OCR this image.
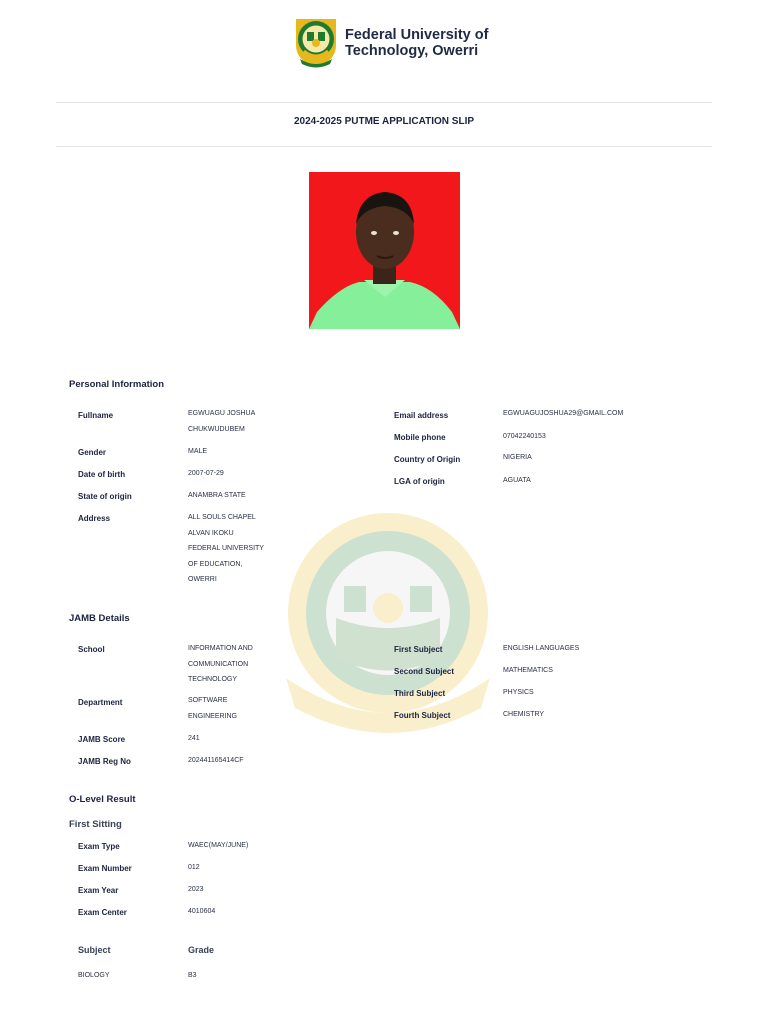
Federal University of
Technology, Owerri
2024-2025 PUTME APPLICATION SLIP
Personal Information
Fullname	EGWUAGU JOSHUA
CHUKWUDUBEM
Gender	MALE
Date of birth	2007-07-29
State of origin	ANAMBRA STATE
Address	ALL SOULS CHAPEL
ALVAN IKOKU
FEDERAL UNIVERSITY
OF EDUCATION,
OWERRI
Email address	EGWUAGUJOSHUA29@GMAIL.COM
Mobile phone	07042240153
Country of Origin	NIGERIA
LGA of origin	AGUATA
JAMB Details
School	INFORMATION AND
COMMUNICATION
TECHNOLOGY
Department	SOFTWARE
ENGINEERING
JAMB Score	241
JAMB Reg No	202441165414CF
First Subject	ENGLISH LANGUAGES
Second Subject	MATHEMATICS
Third Subject	PHYSICS
Fourth Subject	CHEMISTRY
O-Level Result
First Sitting
Exam Type	WAEC(MAY/JUNE)
Exam Number	012
Exam Year	2023
Exam Center	4010604
Subject	Grade
BIOLOGY	B3
